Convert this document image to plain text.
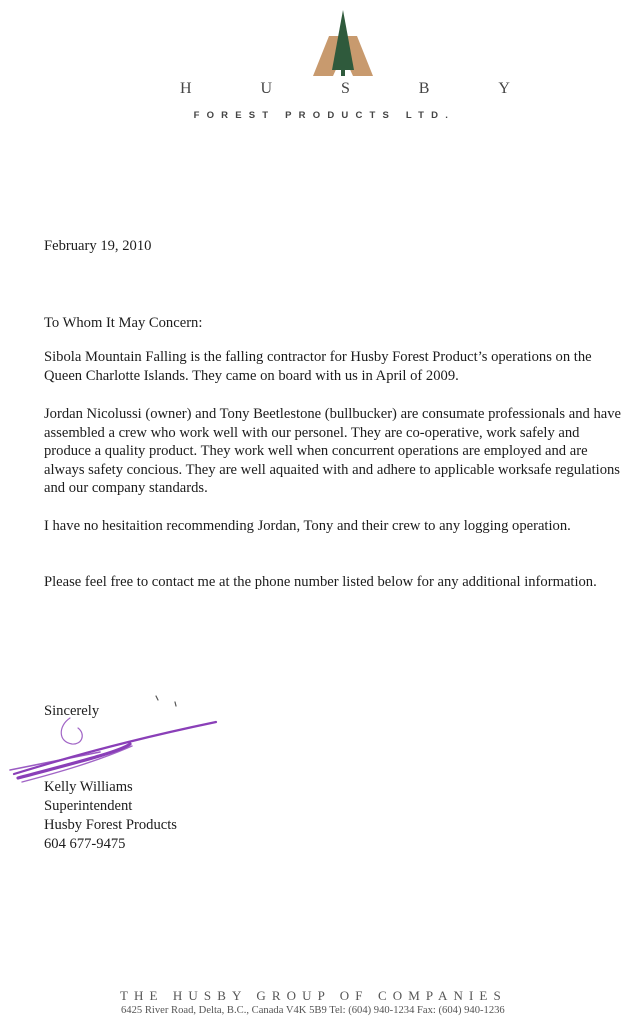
H	U	S	B	Y

FOREST PRODUCTS LTD.

February 19, 2010
To Whom It May Concern:
Sibola Mountain Falling is the falling contractor for Husby Forest Product’s operations on the Queen Charlotte Islands. They came on board with us in April of 2009.
Jordan Nicolussi (owner) and Tony Beetlestone (bullbucker) are consumate professionals and have assembled a crew who work well with our personel. They are co-operative, work safely and produce a quality product. They work well when concurrent operations are employed and are always safety concious. They are well aquaited with and adhere to applicable worksafe regulations and our company standards.
I have no hesitaition recommending Jordan, Tony and their crew to any logging operation.
Please feel free to contact me at the phone number listed below for any additional information.
Sincerely
Kelly Williams
Superintendent
Husby Forest Products
604 677-9475
THE HUSBY GROUP OF COMPANIES
6425 River Road, Delta, B.C., Canada V4K 5B9 Tel: (604) 940-1234 Fax: (604) 940-1236
